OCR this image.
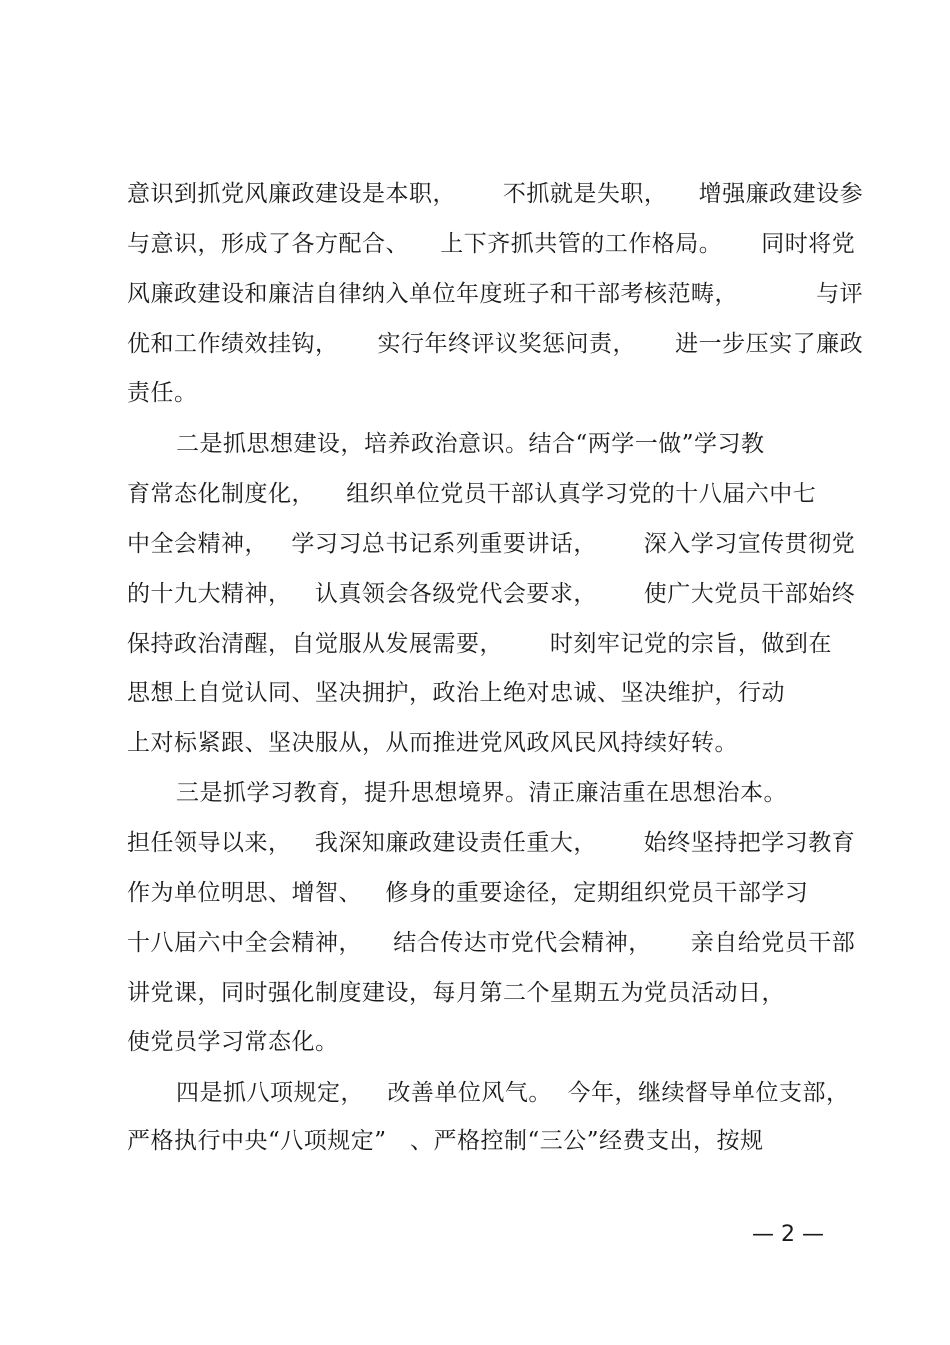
意识到抓党风廉政建设是本职，      不抓就是失职，    增强廉政建设参
与意识，形成了各方配合、    上下齐抓共管的工作格局。     同时将党
风廉政建设和廉洁自律纳入单位年度班子和干部考核范畴，          与评
优和工作绩效挂钩，     实行年终评议奖惩问责，     进一步压实了廉政
责任。
二是抓思想建设，培养政治意识。结合“两学一做”学习教
育常态化制度化，    组织单位党员干部认真学习党的十八届六中七
中全会精神，   学习习总书记系列重要讲话，      深入学习宣传贯彻党
的十九大精神，   认真领会各级党代会要求，      使广大党员干部始终
保持政治清醒，自觉服从发展需要，      时刻牢记党的宗旨，做到在
思想上自觉认同、坚决拥护，政治上绝对忠诚、坚决维护，行动
上对标紧跟、坚决服从，从而推进党风政风民风持续好转。
三是抓学习教育，提升思想境界。清正廉洁重在思想治本。
担任领导以来，   我深知廉政建设责任重大，      始终坚持把学习教育
作为单位明思、增智、   修身的重要途径，定期组织党员干部学习
十八届六中全会精神，    结合传达市党代会精神，     亲自给党员干部
讲党课，同时强化制度建设，每月第二个星期五为党员活动日，
使党员学习常态化。
四是抓八项规定，   改善单位风气。  今年，继续督导单位支部，
严格执行中央“八项规定”   、严格控制“三公”经费支出，按规
— 2 —
